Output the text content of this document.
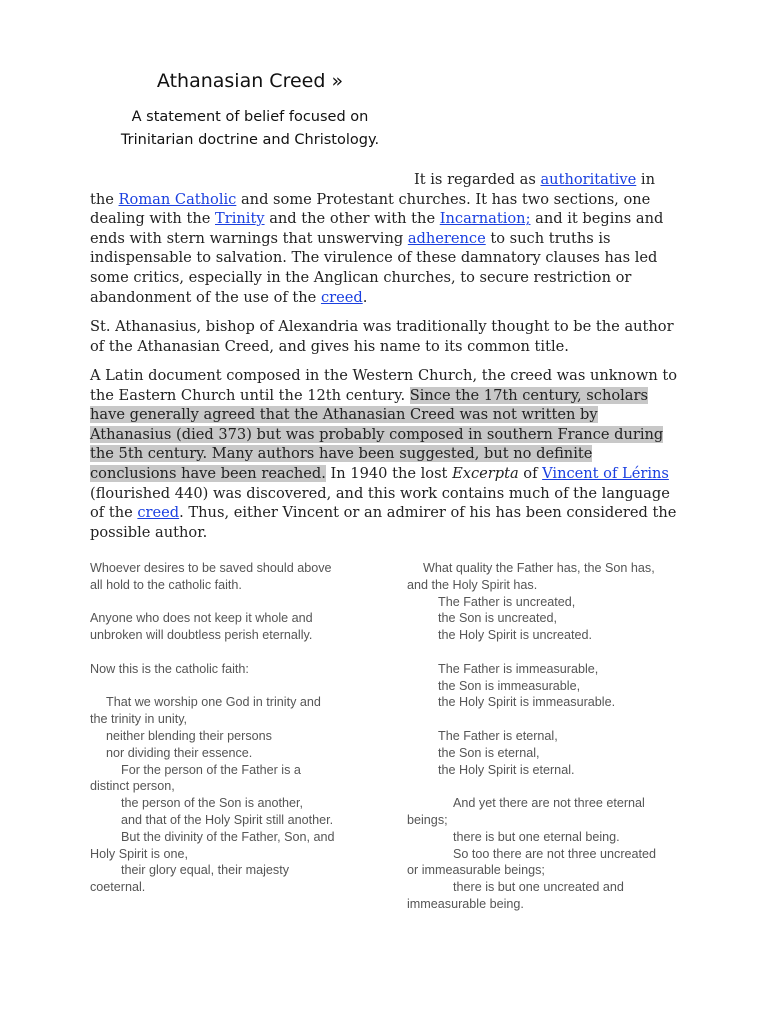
Athanasian Creed »
A statement of belief focused on
Trinitarian doctrine and Christology.

It is regarded as authoritative in the Roman Catholic and some Protestant churches. It has two sections, one dealing with the Trinity and the other with the Incarnation; and it begins and ends with stern warnings that unswerving adherence to such truths is indispensable to salvation. The virulence of these damnatory clauses has led some critics, especially in the Anglican churches, to secure restriction or abandonment of the use of the creed.

St. Athanasius, bishop of Alexandria was traditionally thought to be the author of the Athanasian Creed, and gives his name to its common title.

A Latin document composed in the Western Church, the creed was unknown to the Eastern Church until the 12th century. Since the 17th century, scholars have generally agreed that the Athanasian Creed was not written by Athanasius (died 373) but was probably composed in southern France during the 5th century. Many authors have been suggested, but no definite conclusions have been reached. In 1940 the lost Excerpta of Vincent of Lérins (flourished 440) was discovered, and this work contains much of the language of the creed. Thus, either Vincent or an admirer of his has been considered the possible author.

Whoever desires to be saved should above
all hold to the catholic faith.
Anyone who does not keep it whole and
unbroken will doubtless perish eternally.
Now this is the catholic faith:
That we worship one God in trinity and
the trinity in unity,
neither blending their persons
nor dividing their essence.
For the person of the Father is a
distinct person,
the person of the Son is another,
and that of the Holy Spirit still another.
But the divinity of the Father, Son, and
Holy Spirit is one,
their glory equal, their majesty
coeternal.
What quality the Father has, the Son has,
and the Holy Spirit has.
The Father is uncreated,
the Son is uncreated,
the Holy Spirit is uncreated.
The Father is immeasurable,
the Son is immeasurable,
the Holy Spirit is immeasurable.
The Father is eternal,
the Son is eternal,
the Holy Spirit is eternal.
And yet there are not three eternal
beings;
there is but one eternal being.
So too there are not three uncreated
or immeasurable beings;
there is but one uncreated and
immeasurable being.
